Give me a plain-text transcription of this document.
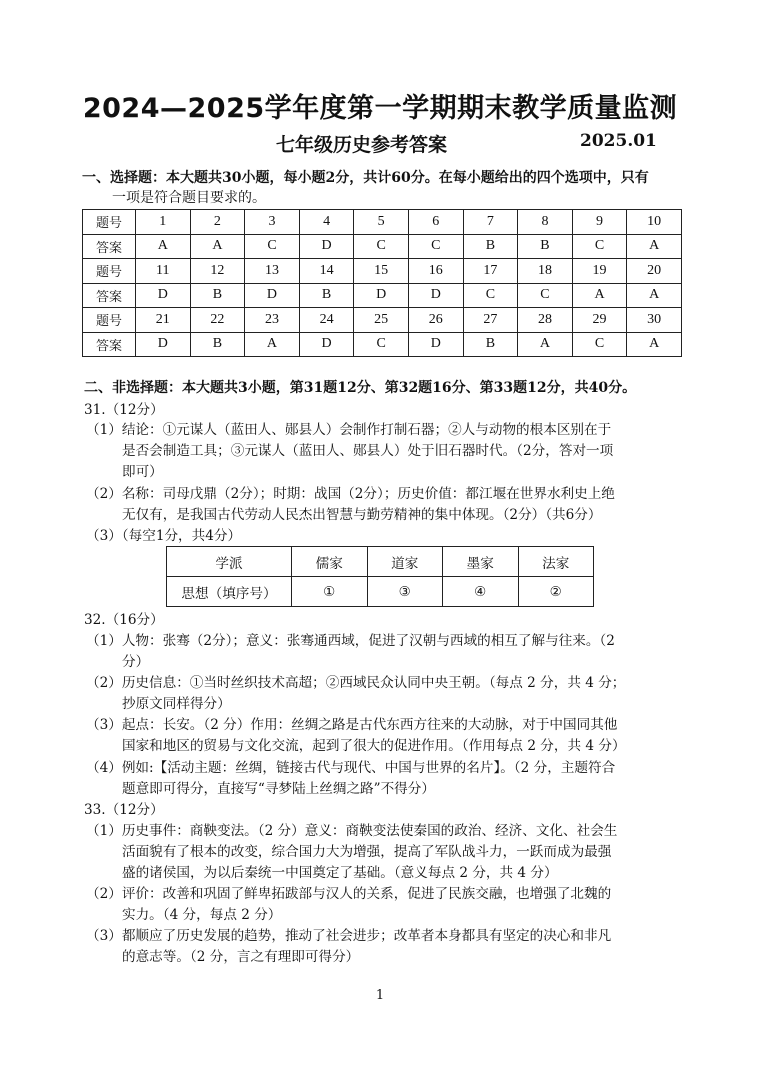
2024—2025学年度第一学期期末教学质量监测
七年级历史参考答案	2025.01
一、选择题：本大题共30小题，每小题2分，共计60分。在每小题给出的四个选项中，只有
一项是符合题目要求的。
题号	1	2	3	4	5	6	7	8	9	10
答案	A	A	C	D	C	C	B	B	C	A
题号	11	12	13	14	15	16	17	18	19	20
答案	D	B	D	B	D	D	C	C	A	A
题号	21	22	23	24	25	26	27	28	29	30
答案	D	B	A	D	C	D	B	A	C	A
二、非选择题：本大题共3小题，第31题12分、第32题16分、第33题12分，共40分。
31.（12分）
（1）结论：①元谋人（蓝田人、郧县人）会制作打制石器；②人与动物的根本区别在于
是否会制造工具；③元谋人（蓝田人、郧县人）处于旧石器时代。（2分，答对一项
即可）
（2）名称：司母戊鼎（2分）；时期：战国（2分）；历史价值：都江堰在世界水利史上绝
无仅有，是我国古代劳动人民杰出智慧与勤劳精神的集中体现。（2分）（共6分）
（3）（每空1分，共4分）
学派	儒家	道家	墨家	法家
思想（填序号）	①	③	④	②
32.（16分）
（1）人物：张骞（2分）；意义：张骞通西域，促进了汉朝与西域的相互了解与往来。（2
分）
（2）历史信息：①当时丝织技术高超；②西域民众认同中央王朝。（每点 2 分，共 4 分；
抄原文同样得分）
（3）起点：长安。（2 分）作用：丝绸之路是古代东西方往来的大动脉，对于中国同其他
国家和地区的贸易与文化交流，起到了很大的促进作用。（作用每点 2 分，共 4 分）
（4）例如:【活动主题：丝绸，链接古代与现代、中国与世界的名片】。（2 分，主题符合
题意即可得分，直接写“寻梦陆上丝绸之路”不得分）
33.（12分）
（1）历史事件：商鞅变法。（2 分）意义：商鞅变法使秦国的政治、经济、文化、社会生
活面貌有了根本的改变，综合国力大为增强，提高了军队战斗力，一跃而成为最强
盛的诸侯国，为以后秦统一中国奠定了基础。（意义每点 2 分，共 4 分）
（2）评价：改善和巩固了鲜卑拓跋部与汉人的关系，促进了民族交融，也增强了北魏的
实力。（4 分，每点 2 分）
（3）都顺应了历史发展的趋势，推动了社会进步；改革者本身都具有坚定的决心和非凡
的意志等。（2 分，言之有理即可得分）
1
